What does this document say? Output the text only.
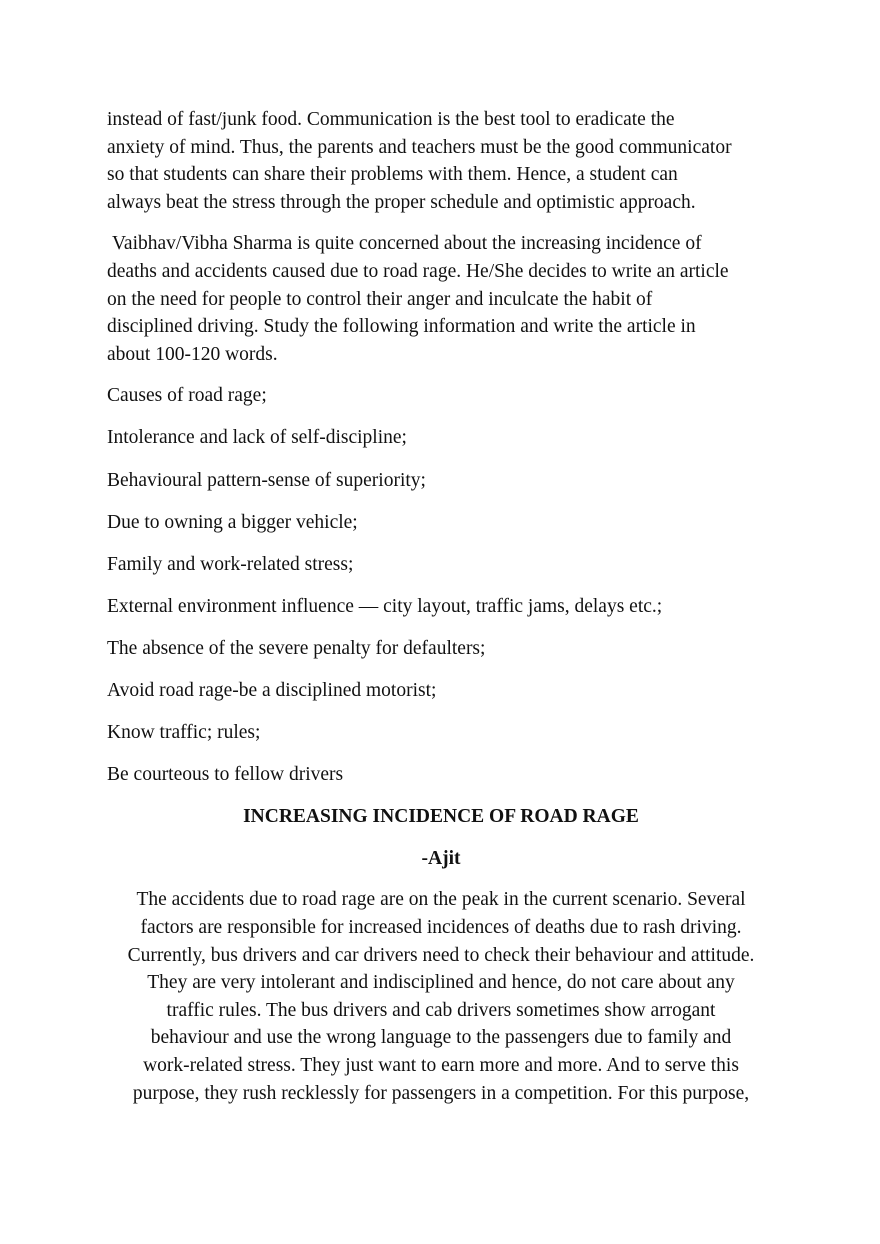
instead of fast/junk food. Communication is the best tool to eradicate the
anxiety of mind. Thus, the parents and teachers must be the good communicator
so that students can share their problems with them. Hence, a student can
always beat the stress through the proper schedule and optimistic approach.

Vaibhav/Vibha Sharma is quite concerned about the increasing incidence of
deaths and accidents caused due to road rage. He/She decides to write an article
on the need for people to control their anger and inculcate the habit of
disciplined driving. Study the following information and write the article in
about 100-120 words.

Causes of road rage;

Intolerance and lack of self-discipline;

Behavioural pattern-sense of superiority;

Due to owning a bigger vehicle;

Family and work-related stress;

External environment influence — city layout, traffic jams, delays etc.;

The absence of the severe penalty for defaulters;

Avoid road rage-be a disciplined motorist;

Know traffic; rules;

Be courteous to fellow drivers

INCREASING INCIDENCE OF ROAD RAGE

-Ajit

The accidents due to road rage are on the peak in the current scenario. Several
factors are responsible for increased incidences of deaths due to rash driving.
Currently, bus drivers and car drivers need to check their behaviour and attitude.
They are very intolerant and indisciplined and hence, do not care about any
traffic rules. The bus drivers and cab drivers sometimes show arrogant
behaviour and use the wrong language to the passengers due to family and
work-related stress. They just want to earn more and more. And to serve this
purpose, they rush recklessly for passengers in a competition. For this purpose,
